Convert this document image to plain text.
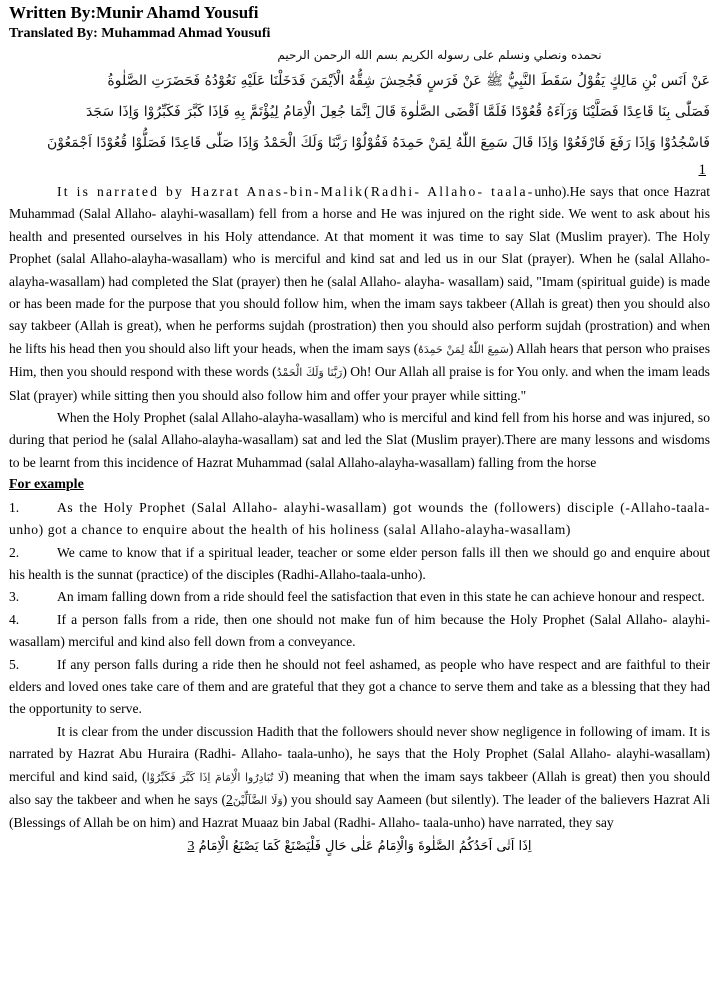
Written By:Munir Ahamd Yousufi
Translated By: Muhammad Ahmad Yousufi
نحمده ونصلي ونسلم على رسوله الكريم بسم الله الرحمن الرحيم
عَنْ اَنَس بْنِ مَالِكٍ يَقُوْلُ سَقَطَ النَّبِيُّ ﷺ عَنْ فَرَسٍ فَجُحِشَ شِقُّهُ الْاَيْمَنَ فَدَخَلْنَا عَلَيْهِ نَعُوْدُهُ فَحَضَرَتِ الصَّلٰوةُ
فَصَلّٰى بِنَا قَاعِدًا فَصَلَّيْنَا وَرَآءَهُ قُعُوْدًا فَلَمَّا اَقْضَى الصَّلٰوةَ قَالَ اِنَّمَا جُعِلَ الْاِمَامُ لِيُؤْتَمَّ بِهِ فَاِذَا كَبَّرَ فَكَبِّرُوْا وَاِذَا سَجَدَ
فَاسْجُدُوْا وَاِذَا رَفَعَ فَارْفَعُوْا وَاِذَا قَالَ سَمِعَ اللّٰهُ لِمَنْ حَمِدَهُ فَقُوْلُوْا رَبَّنَا وَلَكَ الْحَمْدُ وَاِذَا صَلّٰى قَاعِدًا فَصَلُّوْا قُعُوْدًا اَجْمَعُوْنَ
1

It is narrated by Hazrat Anas-bin-Malik(Radhi- Allaho- taala-unho).He says that once Hazrat Muhammad (Salal Allaho- alayhi-wasallam) fell from a horse and He was injured on the right side. We went to ask about his health and presented ourselves in his Holy attendance. At that moment it was time to say Slat (Muslim prayer). The Holy Prophet (salal Allaho-alayha-wasallam) who is merciful and kind sat and led us in our Slat (prayer). When he (salal Allaho- alayha-wasallam) had completed the Slat (prayer) then he (salal Allaho- alayha- wasallam) said, "Imam (spiritual guide) is made or has been made for the purpose that you should follow him, when the imam says takbeer (Allah is great) then you should also say takbeer (Allah is great), when he performs sujdah (prostration) then you should also perform sujdah (prostration) and when he lifts his head then you should also lift your heads, when the imam says (سَمِعَ اللّٰهُ لِمَنْ حَمِدَهُ) Allah hears that person who praises Him, then you should respond with these words (رَبَّنَا وَلَكَ الْحَمْدُ) Oh! Our Allah all praise is for You only. and when the imam leads Slat (prayer) while sitting then you should also follow him and offer your prayer while sitting."

When the Holy Prophet (salal Allaho-alayha-wasallam) who is merciful and kind fell from his horse and was injured, so during that period he (salal Allaho-alayha-wasallam) sat and led the Slat (Muslim prayer).There are many lessons and wisdoms to be learnt from this incidence of Hazrat Muhammad (salal Allaho-alayha-wasallam) falling from the horse

For example

1.	As the Holy Prophet (Salal Allaho- alayhi-wasallam) got wounds the (followers) disciple (-Allaho-taala-unho) got a chance to enquire about the health of his holiness (salal Allaho-alayha-wasallam)

2.	We came to know that if a spiritual leader, teacher or some elder person falls ill then we should go and enquire about his health is the sunnat (practice) of the disciples (Radhi-Allaho-taala-unho).

3.	An imam falling down from a ride should feel the satisfaction that even in this state he can achieve honour and respect.

4.	If a person falls from a ride, then one should not make fun of him because the Holy Prophet (Salal Allaho- alayhi-wasallam) merciful and kind also fell down from a conveyance.

5.	If any person falls during a ride then he should not feel ashamed, as people who have respect and are faithful to their elders and loved ones take care of them and are grateful that they got a chance to serve them and take as a blessing that they had the opportunity to serve.

It is clear from the under discussion Hadith that the followers should never show negligence in following of imam. It is narrated by Hazrat Abu Huraira (Radhi- Allaho- taala-unho), he says that the Holy Prophet (Salal Allaho- alayhi-wasallam) merciful and kind said, (لَا تُبَادِرُوا الْاِمَامَ اِذَا كَبَّرَ فَكَبِّرُوْا) meaning that when the imam says takbeer (Allah is great) then you should also say the takbeer and when he says (2وَلَا الضَّآلِّيْنَ) you should say Aameen (but silently). The leader of the balievers Hazrat Ali (Blessings of Allah be on him) and Hazrat Muaaz bin Jabal (Radhi- Allaho- taala-unho) have narrated, they say

اِذَا اَتٰى اَحَدُكُمُ الصَّلٰوةَ وَالْاِمَامُ عَلٰى حَالٍ فَلْيَصْنَعْ كَمَا يَصْنَعُ الْاِمَامُ 3
